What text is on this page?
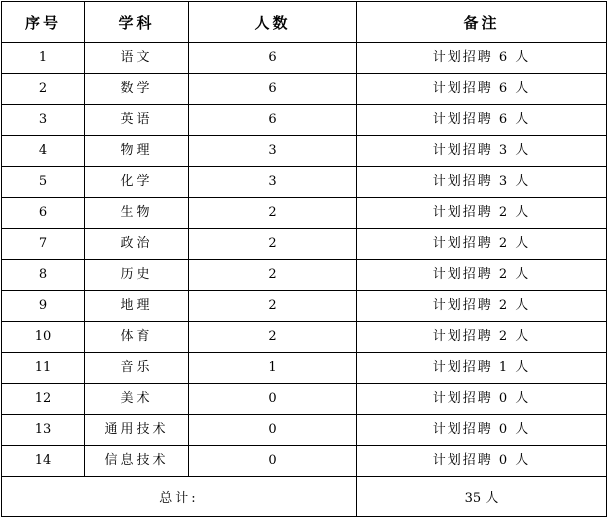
序号	学科	人数	备注
1	语文	6	计划招聘 6 人
2	数学	6	计划招聘 6 人
3	英语	6	计划招聘 6 人
4	物理	3	计划招聘 3 人
5	化学	3	计划招聘 3 人
6	生物	2	计划招聘 2 人
7	政治	2	计划招聘 2 人
8	历史	2	计划招聘 2 人
9	地理	2	计划招聘 2 人
10	体育	2	计划招聘 2 人
11	音乐	1	计划招聘 1 人
12	美术	0	计划招聘 0 人
13	通用技术	0	计划招聘 0 人
14	信息技术	0	计划招聘 0 人
总计:			35 人
